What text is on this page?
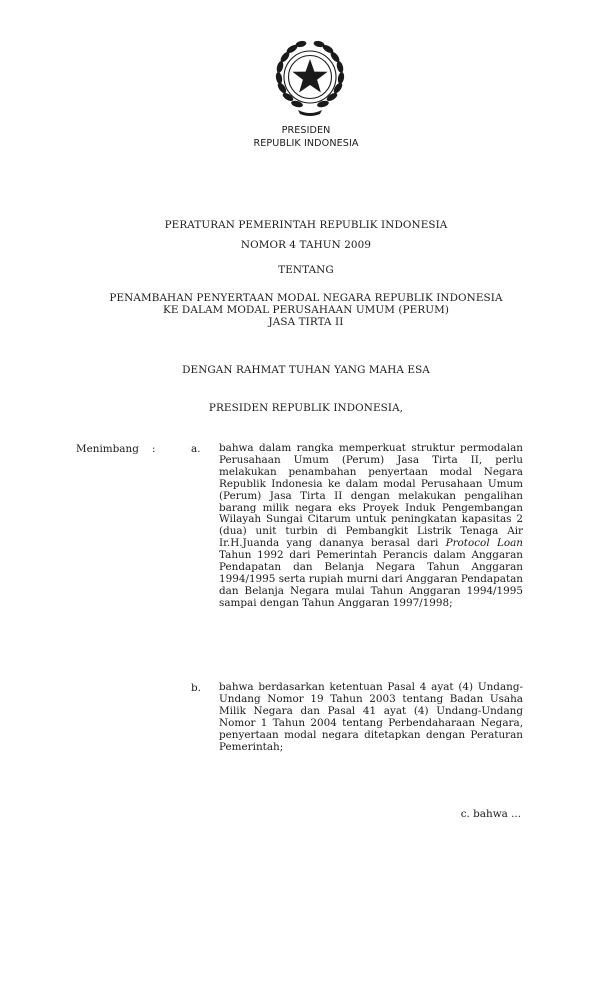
PRESIDEN
REPUBLIK INDONESIA
PERATURAN PEMERINTAH REPUBLIK INDONESIA
NOMOR 4 TAHUN 2009
TENTANG
PENAMBAHAN PENYERTAAN MODAL NEGARA REPUBLIK INDONESIA
KE DALAM MODAL PERUSAHAAN UMUM (PERUM)
JASA TIRTA II
DENGAN RAHMAT TUHAN YANG MAHA ESA
PRESIDEN REPUBLIK INDONESIA,
Menimbang :	a. bahwa dalam rangka memperkuat struktur permodalan Perusahaan Umum (Perum) Jasa Tirta II, perlu melakukan penambahan penyertaan modal Negara Republik Indonesia ke dalam modal Perusahaan Umum (Perum) Jasa Tirta II dengan melakukan pengalihan barang milik negara eks Proyek Induk Pengembangan Wilayah Sungai Citarum untuk peningkatan kapasitas 2 (dua) unit turbin di Pembangkit Listrik Tenaga Air Ir.H.Juanda yang dananya berasal dari Protocol Loan Tahun 1992 dari Pemerintah Perancis dalam Anggaran Pendapatan dan Belanja Negara Tahun Anggaran 1994/1995 serta rupiah murni dari Anggaran Pendapatan dan Belanja Negara mulai Tahun Anggaran 1994/1995 sampai dengan Tahun Anggaran 1997/1998;
b. bahwa berdasarkan ketentuan Pasal 4 ayat (4) Undang-Undang Nomor 19 Tahun 2003 tentang Badan Usaha Milik Negara dan Pasal 41 ayat (4) Undang-Undang Nomor 1 Tahun 2004 tentang Perbendaharaan Negara, penyertaan modal negara ditetapkan dengan Peraturan Pemerintah;
c. bahwa ...
